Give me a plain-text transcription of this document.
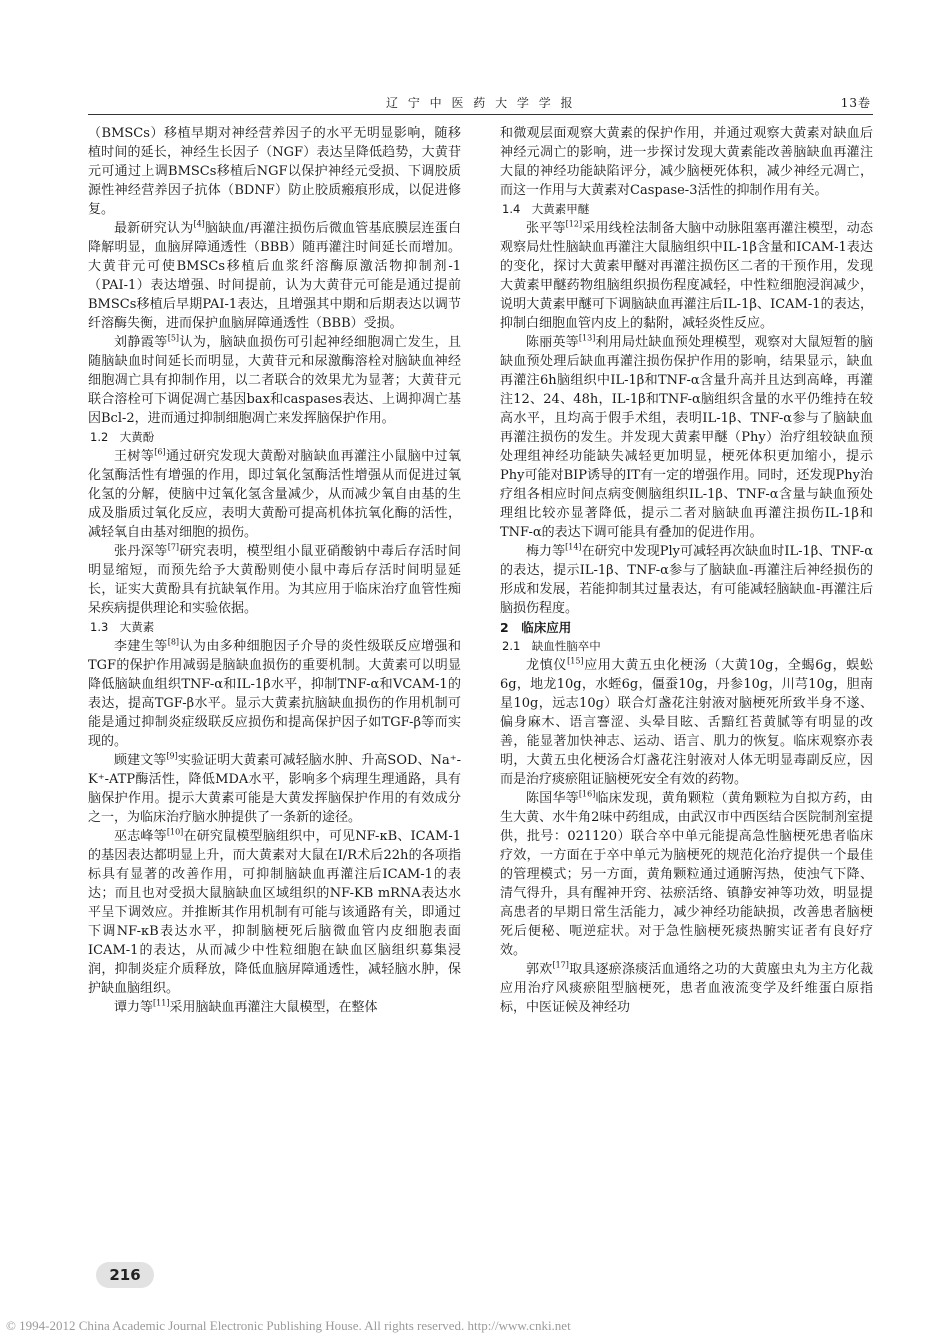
辽 宁 中 医 药 大 学 学 报	13卷

（BMSCs）移植早期对神经营养因子的水平无明显影响，随移植时间的延长，神经生长因子（NGF）表达呈降低趋势，大黄苷元可通过上调BMSCs移植后NGF以保护神经元受损、下调胶质源性神经营养因子抗体（BDNF）防止胶质瘢痕形成，以促进修复。

最新研究认为[4]脑缺血/再灌注损伤后微血管基底膜层连蛋白降解明显，血脑屏障通透性（BBB）随再灌注时间延长而增加。大黄苷元可使BMSCs移植后血浆纤溶酶原激活物抑制剂-1（PAI-1）表达增强、时间提前，认为大黄苷元可能是通过提前BMSCs移植后早期PAI-1表达，且增强其中期和后期表达以调节纤溶酶失衡，进而保护血脑屏障通透性（BBB）受损。

刘静霞等[5]认为，脑缺血损伤可引起神经细胞凋亡发生，且随脑缺血时间延长而明显，大黄苷元和尿激酶溶栓对脑缺血神经细胞凋亡具有抑制作用，以二者联合的效果尤为显著；大黄苷元联合溶栓可下调促凋亡基因bax和caspases表达、上调抑凋亡基因Bcl-2，进而通过抑制细胞凋亡来发挥脑保护作用。

1.2　大黄酚

王树等[6]通过研究发现大黄酚对脑缺血再灌注小鼠脑中过氧化氢酶活性有增强的作用，即过氧化氢酶活性增强从而促进过氧化氢的分解，使脑中过氧化氢含量减少，从而减少氧自由基的生成及脂质过氧化反应，表明大黄酚可提高机体抗氧化酶的活性，减轻氧自由基对细胞的损伤。

张丹深等[7]研究表明，模型组小鼠亚硝酸钠中毒后存活时间明显缩短，而预先给予大黄酚则使小鼠中毒后存活时间明显延长，证实大黄酚具有抗缺氧作用。为其应用于临床治疗血管性痴呆疾病提供理论和实验依据。

1.3　大黄素

李建生等[8]认为由多种细胞因子介导的炎性级联反应增强和TGF的保护作用减弱是脑缺血损伤的重要机制。大黄素可以明显降低脑缺血组织TNF-α和IL-1β水平，抑制TNF-α和VCAM-1的表达，提高TGF-β水平。显示大黄素抗脑缺血损伤的作用机制可能是通过抑制炎症级联反应损伤和提高保护因子如TGF-β等而实现的。

顾建文等[9]实验证明大黄素可减轻脑水肿、升高SOD、Na⁺-K⁺-ATP酶活性，降低MDA水平，影响多个病理生理通路，具有脑保护作用。提示大黄素可能是大黄发挥脑保护作用的有效成分之一，为临床治疗脑水肿提供了一条新的途径。

巫志峰等[10]在研究鼠模型脑组织中，可见NF-κB、ICAM-1的基因表达都明显上升，而大黄素对大鼠在I/R术后22h的各项指标具有显著的改善作用，可抑制脑缺血再灌注后ICAM-1的表达；而且也对受损大鼠脑缺血区域组织的NF-KB mRNA表达水平呈下调效应。并推断其作用机制有可能与该通路有关，即通过下调NF-κB表达水平，抑制脑梗死后脑微血管内皮细胞表面ICAM-1的表达，从而减少中性粒细胞在缺血区脑组织募集浸润，抑制炎症介质释放，降低血脑屏障通透性，减轻脑水肿，保护缺血脑组织。

谭力等[11]采用脑缺血再灌注大鼠模型，在整体

和微观层面观察大黄素的保护作用，并通过观察大黄素对缺血后神经元凋亡的影响，进一步探讨发现大黄素能改善脑缺血再灌注大鼠的神经功能缺陷评分，减少脑梗死体积，减少神经元凋亡，而这一作用与大黄素对Caspase-3活性的抑制作用有关。

1.4　大黄素甲醚

张平等[12]采用线栓法制备大脑中动脉阻塞再灌注模型，动态观察局灶性脑缺血再灌注大鼠脑组织中IL-1β含量和ICAM-1表达的变化，探讨大黄素甲醚对再灌注损伤区二者的干预作用，发现大黄素甲醚药物组脑组织损伤程度减轻，中性粒细胞浸润减少，说明大黄素甲醚可下调脑缺血再灌注后IL-1β、ICAM-1的表达，抑制白细胞血管内皮上的黏附，减轻炎性反应。

陈丽英等[13]利用局灶缺血预处理模型，观察对大鼠短暂的脑缺血预处理后缺血再灌注损伤保护作用的影响，结果显示，缺血再灌注6h脑组织中IL-1β和TNF-α含量升高并且达到高峰，再灌注12、24、48h，IL-1β和TNF-α脑组织含量的水平仍维持在较高水平，且均高于假手术组，表明IL-1β、TNF-α参与了脑缺血再灌注损伤的发生。并发现大黄素甲醚（Phy）治疗组较缺血预处理组神经功能缺失减轻更加明显，梗死体积更加缩小，提示Phy可能对BIP诱导的IT有一定的增强作用。同时，还发现Phy治疗组各相应时间点病变侧脑组织IL-1β、TNF-α含量与缺血预处理组比较亦显著降低，提示二者对脑缺血再灌注损伤IL-1β和TNF-α的表达下调可能具有叠加的促进作用。

梅力等[14]在研究中发现Ply可减轻再次缺血时IL-1β、TNF-α的表达，提示IL-1β、TNF-α参与了脑缺血-再灌注后神经损伤的形成和发展，若能抑制其过量表达，有可能减轻脑缺血-再灌注后脑损伤程度。

2　临床应用
2.1　缺血性脑卒中

龙慎仪[15]应用大黄五虫化梗汤（大黄10g，全蝎6g，蜈蚣6g，地龙10g，水蛭6g，僵蚕10g，丹参10g，川芎10g，胆南星10g，远志10g）联合灯盏花注射液对脑梗死所致半身不遂、偏身麻木、语言謇涩、头晕目眩、舌黯红苔黄腻等有明显的改善，能显著加快神志、运动、语言、肌力的恢复。临床观察亦表明，大黄五虫化梗汤合灯盏花注射液对人体无明显毒副反应，因而是治疗痰瘀阻证脑梗死安全有效的药物。

陈国华等[16]临床发现，黄角颗粒（黄角颗粒为自拟方药，由生大黄、水牛角2味中药组成，由武汉市中西医结合医院制剂室提供，批号：021120）联合卒中单元能提高急性脑梗死患者临床疗效，一方面在于卒中单元为脑梗死的规范化治疗提供一个最佳的管理模式；另一方面，黄角颗粒通过通腑泻热，使浊气下降、清气得升，具有醒神开窍、祛瘀活络、镇静安神等功效，明显提高患者的早期日常生活能力，减少神经功能缺损，改善患者脑梗死后便秘、呃逆症状。对于急性脑梗死痰热腑实证者有良好疗效。

郭欢[17]取具逐瘀涤痰活血通络之功的大黄䗪虫丸为主方化裁应用治疗风痰瘀阻型脑梗死，患者血液流变学及纤维蛋白原指标，中医证候及神经功

216
© 1994-2012 China Academic Journal Electronic Publishing House. All rights reserved. http://www.cnki.net
